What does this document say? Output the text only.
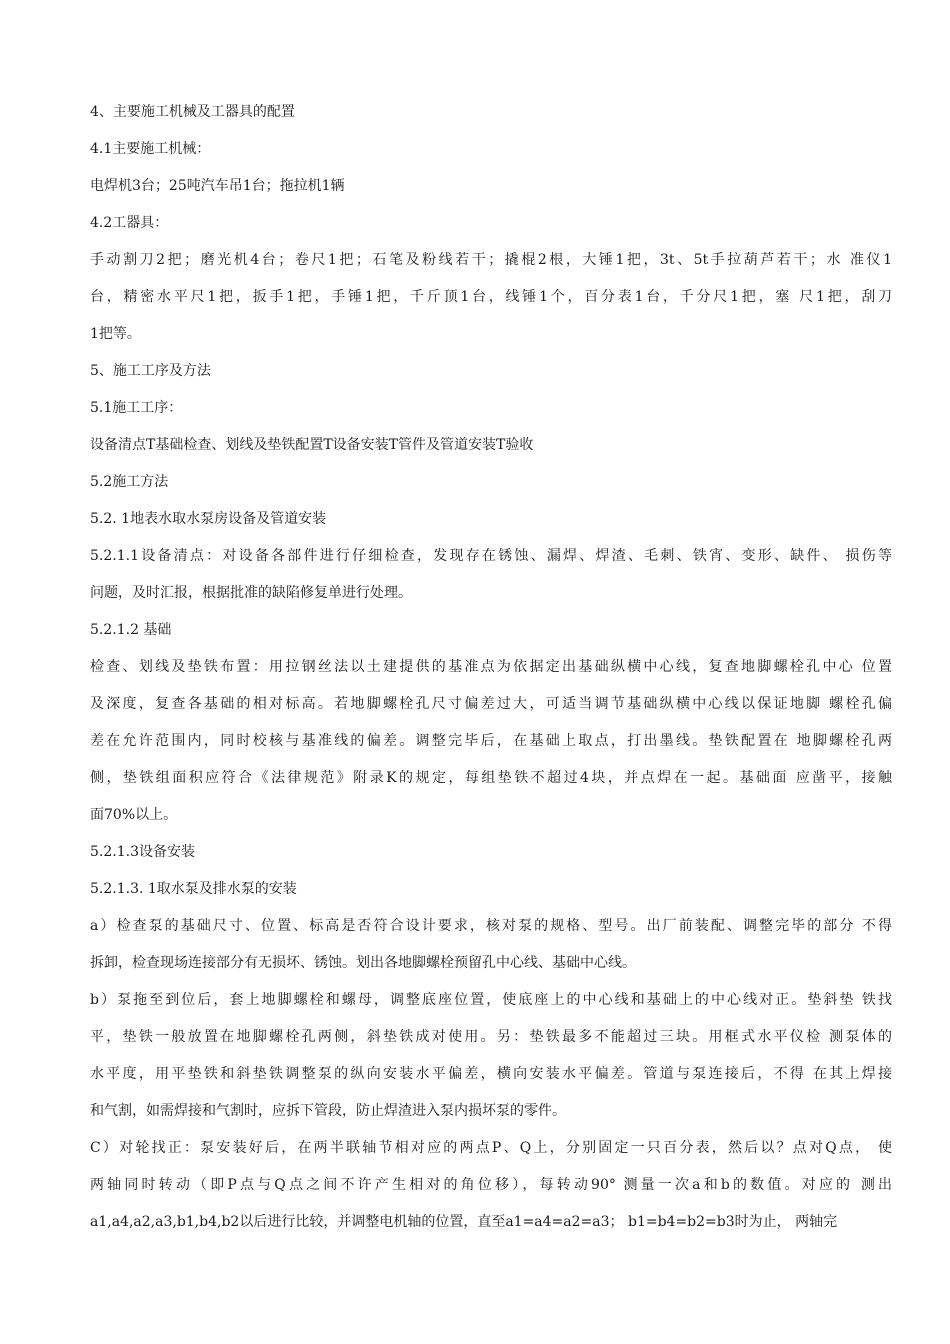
4、主要施工机械及工器具的配置
4.1主要施工机械：
电焊机3台；25吨汽车吊1台；拖拉机1辆
4.2工器具：
手动割刀2把；磨光机4台；卷尺1把；石笔及粉线若干；撬棍2根，大锤1把，3t、5t手拉葫芦若干；水 准仪1
台，精密水平尺1把，扳手1把，手锤1把，千斤顶1台，线锤1个，百分表1台，千分尺1把，塞 尺1把，刮刀
1把等。
5、施工工序及方法
5.1施工工序：
设备清点T基础检查、划线及垫铁配置T设备安装T管件及管道安装T验收
5.2施工方法
5.2. 1地表水取水泵房设备及管道安装
5.2.1.1设备清点：对设备各部件进行仔细检查，发现存在锈蚀、漏焊、焊渣、毛刺、铁宵、变形、缺件、 损伤等
问题，及时汇报，根据批准的缺陷修复单进行处理。
5.2.1.2 基础
检查、划线及垫铁布置：用拉钢丝法以土建提供的基准点为依据定出基础纵横中心线，复查地脚螺栓孔中心 位置
及深度，复查各基础的相对标高。若地脚螺栓孔尺寸偏差过大，可适当调节基础纵横中心线以保证地脚 螺栓孔偏
差在允许范围内，同时校核与基准线的偏差。调整完毕后，在基础上取点，打出墨线。垫铁配置在 地脚螺栓孔两
侧，垫铁组面积应符合《法律规范》附录K的规定，每组垫铁不超过4块，并点焊在一起。基础面 应凿平，接触
面70%以上。
5.2.1.3设备安装
5.2.1.3. 1取水泵及排水泵的安装
a）检查泵的基础尺寸、位置、标高是否符合设计要求，核对泵的规格、型号。出厂前装配、调整完毕的部分 不得
拆卸，检查现场连接部分有无损坏、锈蚀。划出各地脚螺栓预留孔中心线、基础中心线。
b）泵拖至到位后，套上地脚螺栓和螺母，调整底座位置，使底座上的中心线和基础上的中心线对正。垫斜垫 铁找
平，垫铁一般放置在地脚螺栓孔两侧，斜垫铁成对使用。另：垫铁最多不能超过三块。用框式水平仪检 测泵体的
水平度，用平垫铁和斜垫铁调整泵的纵向安装水平偏差，横向安装水平偏差。管道与泵连接后，不得 在其上焊接
和气割，如需焊接和气割时，应拆下管段，防止焊渣进入泵内损坏泵的零件。
C）对轮找正：泵安装好后，在两半联轴节相对应的两点P、Q上，分别固定一只百分表，然后以？点对Q点， 使
两轴同时转动（即P点与Q点之间不许产生相对的角位移），每转动90° 测量一次a和b的数值。对应的 测出
a1,a4,a2,a3,b1,b4,b2以后进行比较，并调整电机轴的位置，直至a1=a4=a2=a3； b1=b4=b2=b3时为止， 两轴完
